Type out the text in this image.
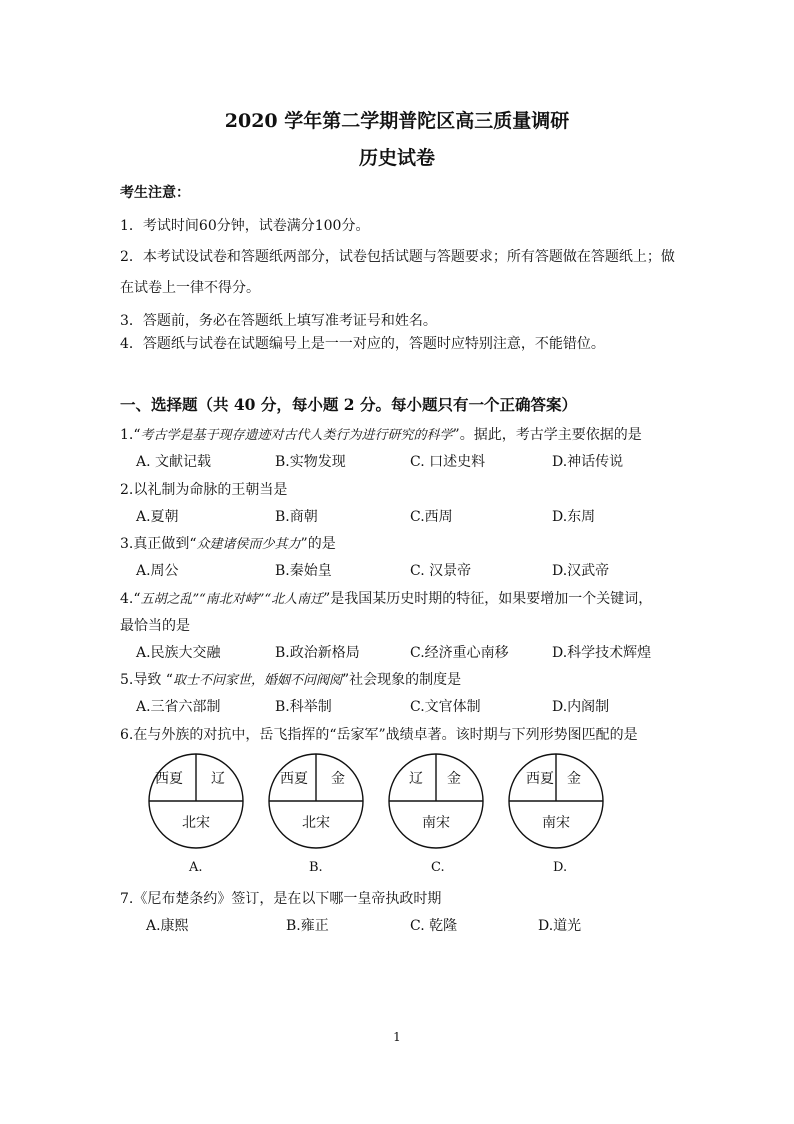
2020 学年第二学期普陀区高三质量调研
历史试卷
考生注意：
1．考试时间60分钟，试卷满分100分。
2．本考试设试卷和答题纸两部分，试卷包括试题与答题要求；所有答题做在答题纸上；做
在试卷上一律不得分。
3．答题前，务必在答题纸上填写准考证号和姓名。
4．答题纸与试卷在试题编号上是一一对应的，答题时应特别注意，不能错位。
一、选择题（共 40 分，每小题 2 分。每小题只有一个正确答案）
1.“考古学是基于现存遗迹对古代人类行为进行研究的科学”。据此，考古学主要依据的是
A. 文献记载	B.实物发现	C. 口述史料	D.神话传说
2.以礼制为命脉的王朝当是
A.夏朝	B.商朝	C.西周	D.东周
3.真正做到“众建诸侯而少其力”的是
A.周公	B.秦始皇	C. 汉景帝	D.汉武帝
4.“五胡之乱”“南北对峙”“北人南迁”是我国某历史时期的特征，如果要增加一个关键词，
最恰当的是
A.民族大交融	B.政治新格局	C.经济重心南移	D.科学技术辉煌
5.导致 “取士不问家世，婚姻不问阀阅”社会现象的制度是
A.三省六部制	B.科举制	C.文官体制	D.内阁制
6.在与外族的对抗中，岳飞指挥的“岳家军”战绩卓著。该时期与下列形势图匹配的是
西夏 辽
北宋
西夏 金
北宋
辽 金
南宋
西夏 金
南宋
A.	B.	C.	D.
7.《尼布楚条约》签订，是在以下哪一皇帝执政时期
A.康熙	B.雍正	C. 乾隆	D.道光
1
